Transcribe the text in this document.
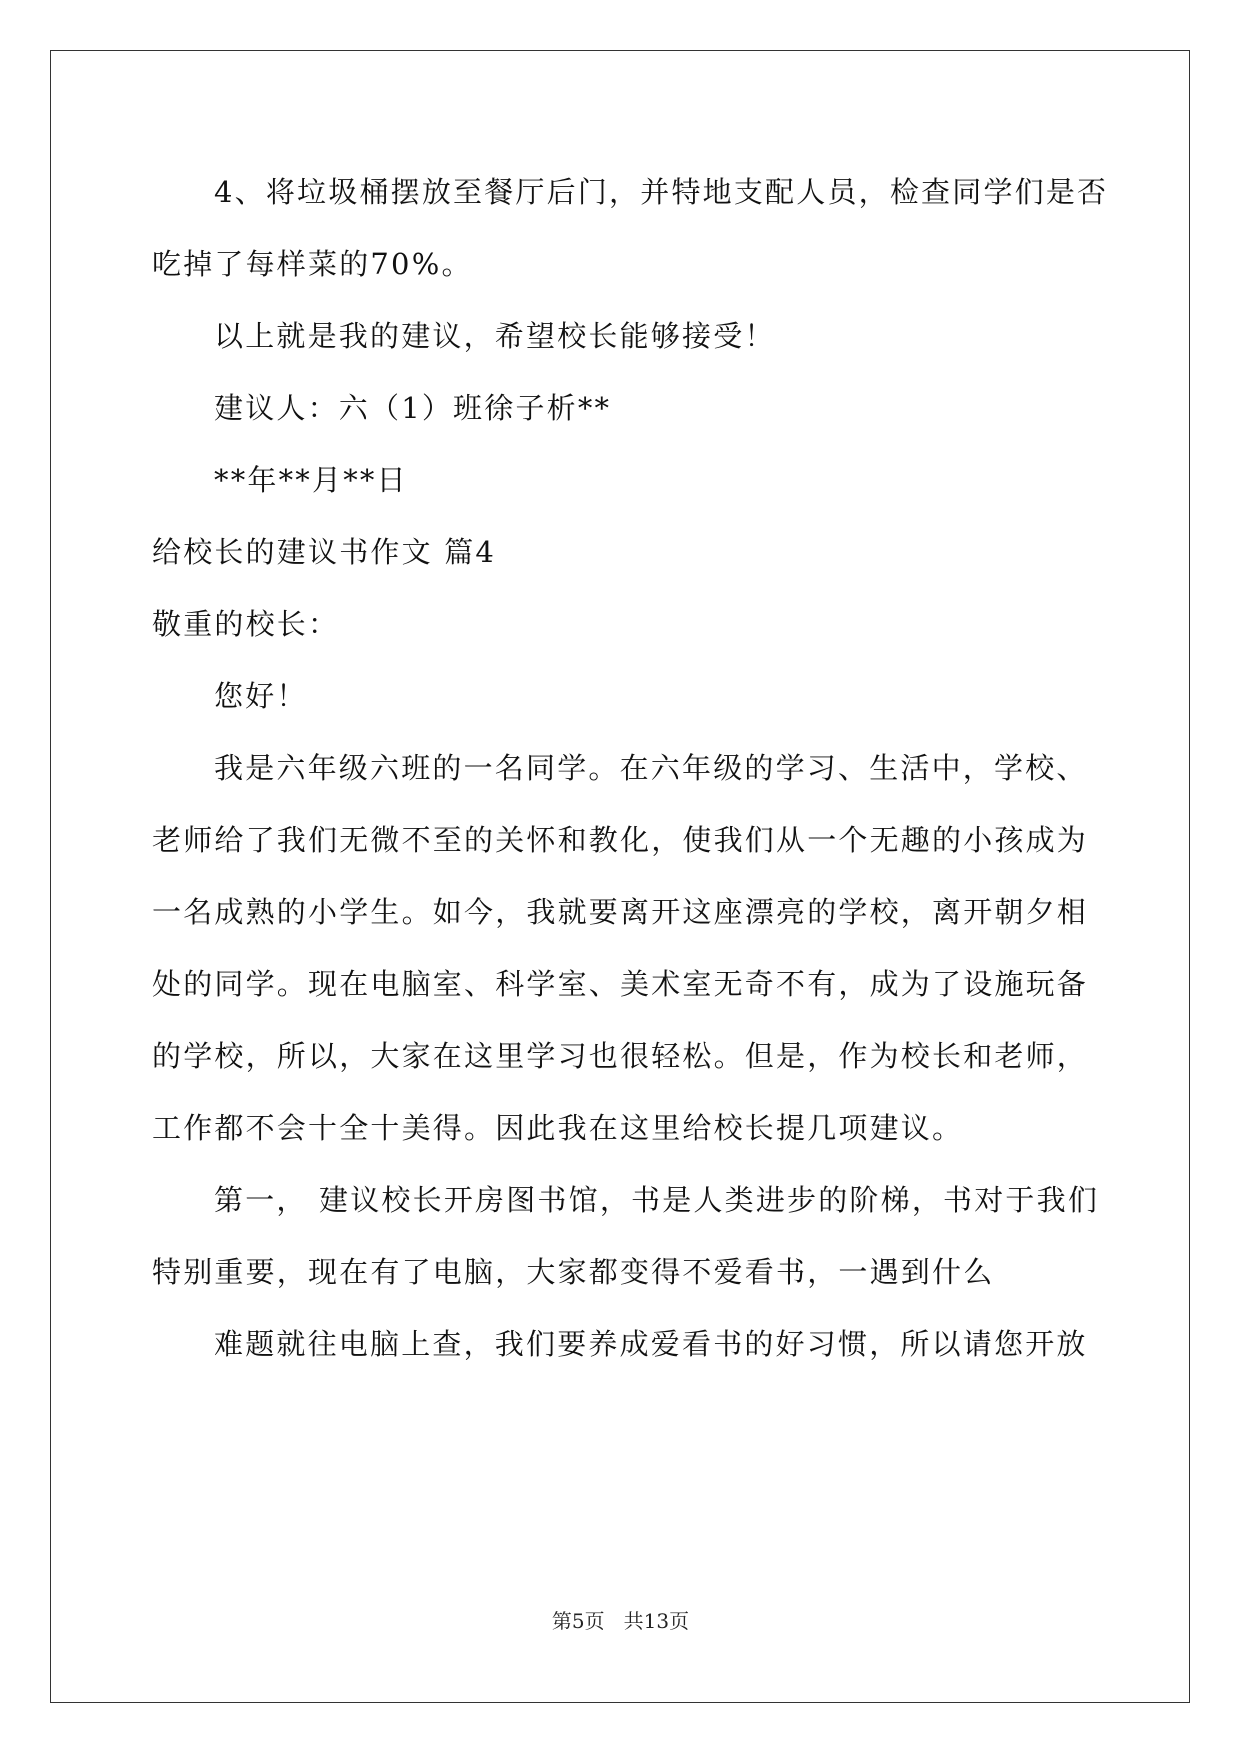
4、将垃圾桶摆放至餐厅后门，并特地支配人员，检查同学们是否
吃掉了每样菜的70%。
以上就是我的建议，希望校长能够接受！
建议人：六（1）班徐子析**
**年**月**日
给校长的建议书作文 篇4
敬重的校长：
您好！
我是六年级六班的一名同学。在六年级的学习、生活中，学校、
老师给了我们无微不至的关怀和教化，使我们从一个无趣的小孩成为
一名成熟的小学生。如今，我就要离开这座漂亮的学校，离开朝夕相
处的同学。现在电脑室、科学室、美术室无奇不有，成为了设施玩备
的学校，所以，大家在这里学习也很轻松。但是，作为校长和老师，
工作都不会十全十美得。因此我在这里给校长提几项建议。
第一， 建议校长开房图书馆，书是人类进步的阶梯，书对于我们
特别重要，现在有了电脑，大家都变得不爱看书，一遇到什么
难题就往电脑上查，我们要养成爱看书的好习惯，所以请您开放
第5页   共13页
